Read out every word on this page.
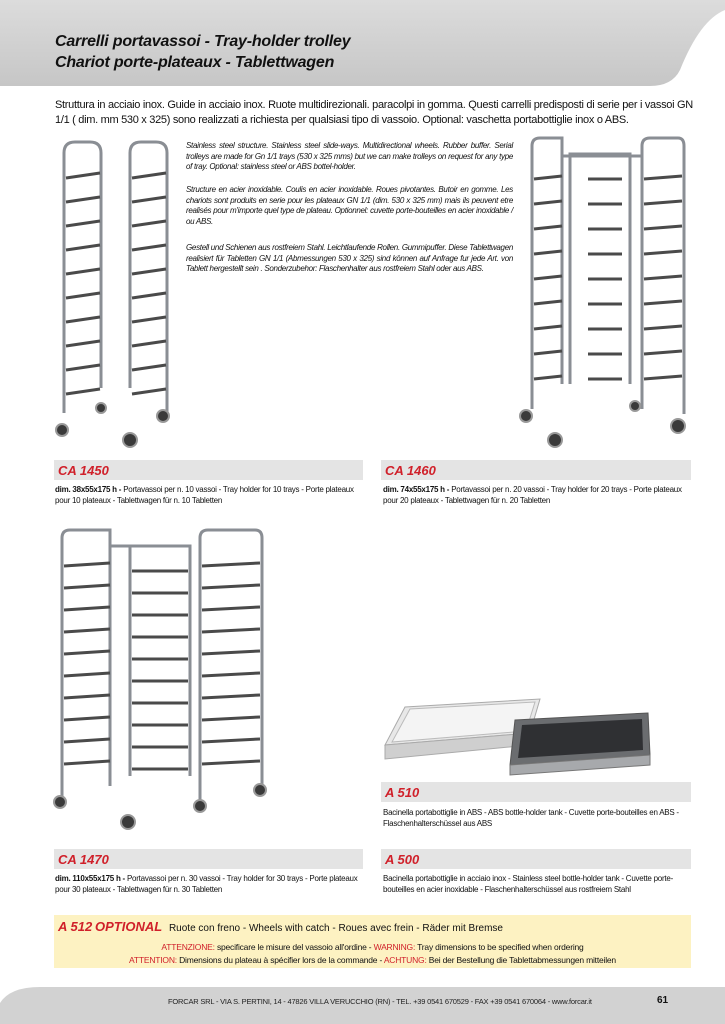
Carrelli portavassoi - Tray-holder trolley
Chariot porte-plateaux - Tablettwagen
Struttura in acciaio inox. Guide in acciaio inox. Ruote multidirezionali. paracolpi in gomma. Questi carrelli predisposti di serie per i vassoi GN 1/1 ( dim. mm 530 x 325) sono realizzati a richiesta per qualsiasi tipo di vassoio. Optional: vaschetta portabottiglie inox o ABS.
Stainless steel structure. Stainless steel slide-ways. Multidirectional wheels. Rubber buffer. Serial trolleys are made for Gn 1/1 trays (530 x 325 mms) but we can make trolleys on request for any type of tray. Optional: stainless steel or ABS bottel-holder.
Structure en acier inoxidable. Coulis en acier inoxidable. Roues pivotantes. Butoir en gomme. Les chariots sont produits en serie pour les plateaux GN 1/1 (dim. 530 x 325 mm) mais ils peuvent etre realisés pour m'importe quel type de plateau. Optionnel: cuvette porte-bouteilles en acier inoxidable / ou ABS.
Gestell und Schienen aus rostfreiem Stahl. Leichtlaufende Rollen. Gummipuffer. Diese Tablettwagen realisiert für Tabletten GN 1/1 (Abmessungen 530 x 325) sind können auf Anfrage fur jede Art. von Tablett hergestellt sein . Sonderzubehor: Flaschenhalter aus rostfreiem Stahl oder aus ABS.
CA 1450
dim. 38x55x175 h - Portavassoi per n. 10 vassoi - Tray holder for 10 trays - Porte plateaux pour 10 plateaux - Tablettwagen für n. 10 Tabletten
CA 1460
dim. 74x55x175 h - Portavassoi per n. 20 vassoi - Tray holder for 20 trays - Porte plateaux pour 20 plateaux - Tablettwagen für n. 20 Tabletten
A 510
Bacinella portabottiglie in ABS - ABS bottle-holder tank - Cuvette porte-bouteilles en ABS - Flaschenhalterschüssel aus ABS
CA 1470
dim. 110x55x175 h - Portavassoi per n. 30 vassoi - Tray holder for 30 trays - Porte plateaux pour 30 plateaux - Tablettwagen für n. 30 Tabletten
A 500
Bacinella portabottiglie in acciaio inox - Stainless steel bottle-holder tank - Cuvette porte-bouteilles en acier inoxidable - Flaschenhalterschüssel aus rostfreiem Stahl
A 512 OPTIONAL Ruote con freno - Wheels with catch - Roues avec frein - Räder mit Bremse
ATTENZIONE: specificare le misure del vassoio all'ordine - WARNING: Tray dimensions to be specified when ordering
ATTENTION: Dimensions du plateau à spécifier lors de la commande - ACHTUNG: Bei der Bestellung die Tablettabmessungen mitteilen
FORCAR SRL - VIA S. PERTINI, 14 - 47826 VILLA VERUCCHIO (RN) - TEL. +39 0541 670529 - FAX +39 0541 670064 - www.forcar.it	61
